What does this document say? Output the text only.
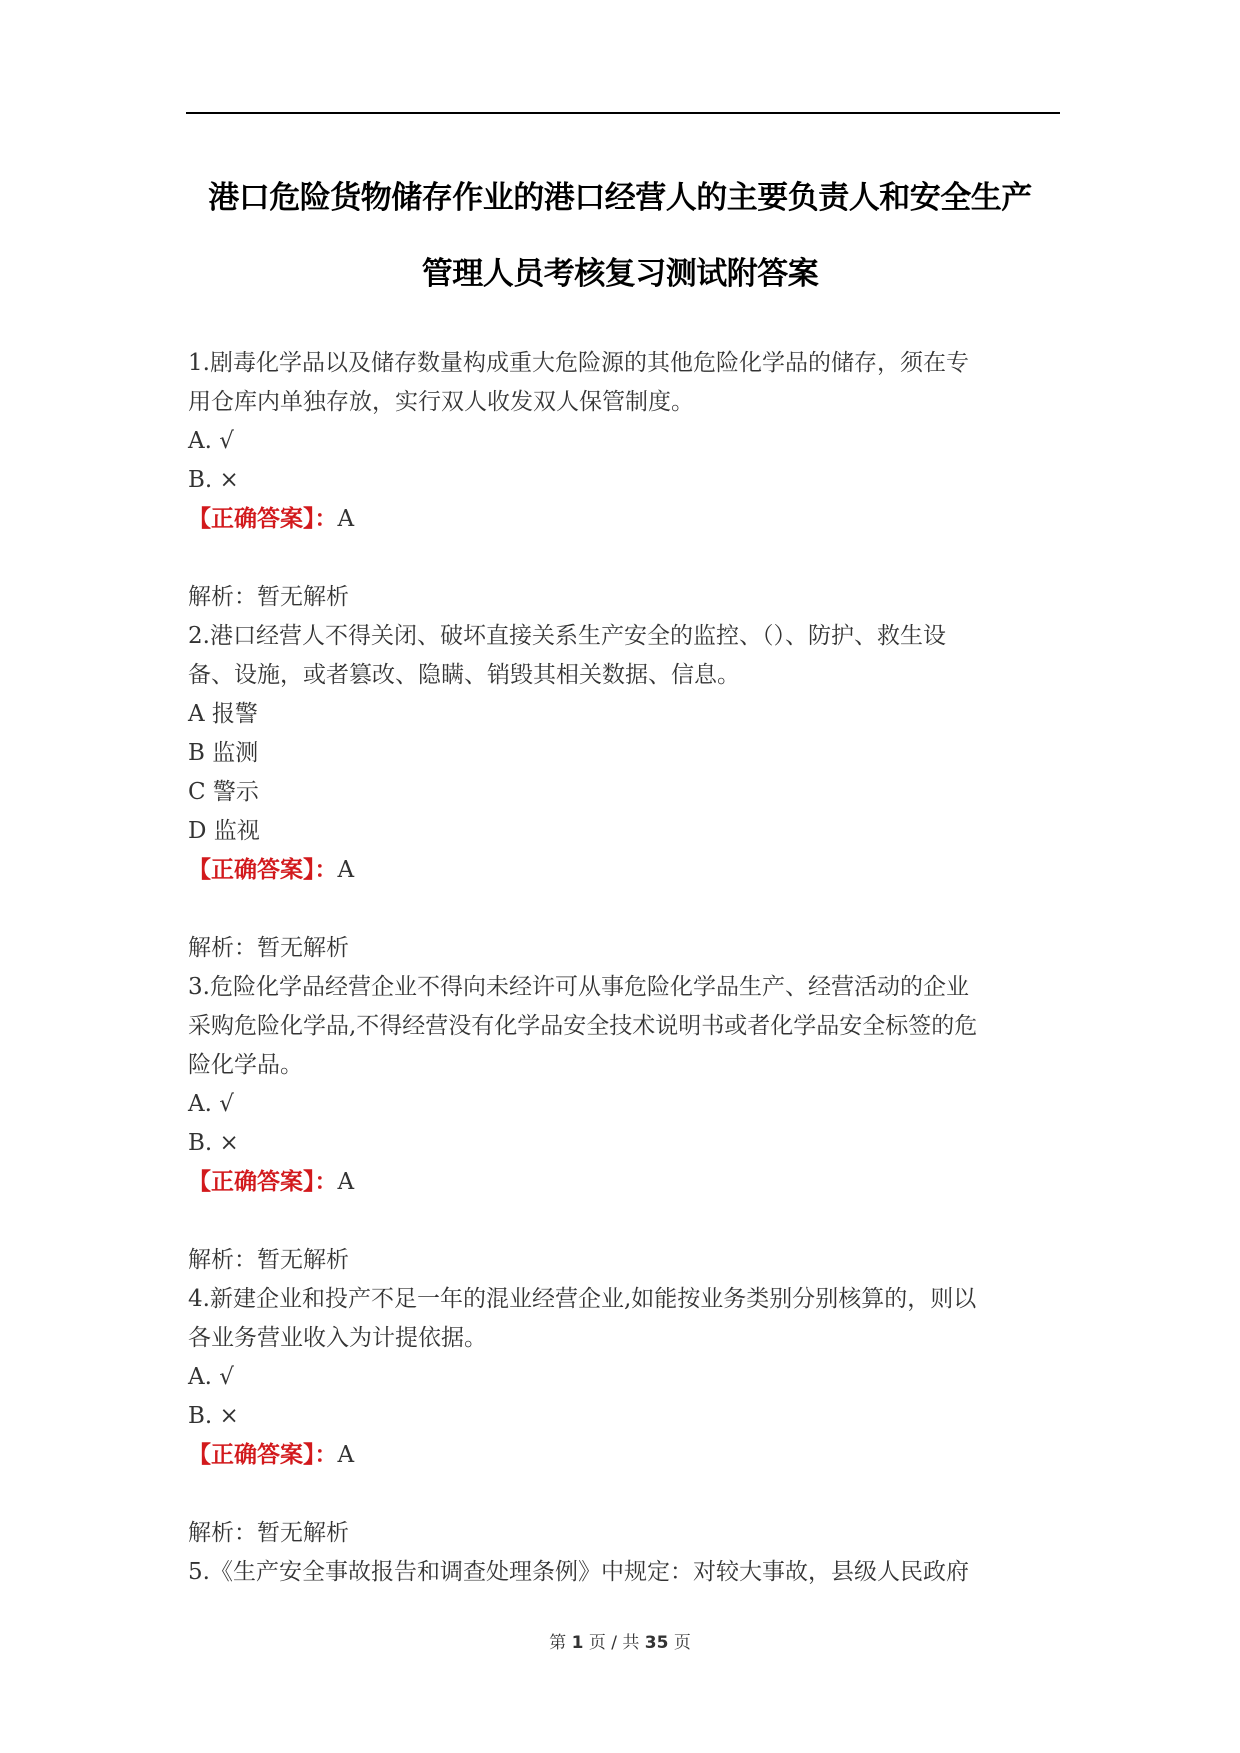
港口危险货物储存作业的港口经营人的主要负责人和安全生产
管理人员考核复习测试附答案
1.剧毒化学品以及储存数量构成重大危险源的其他危险化学品的储存，须在专
用仓库内单独存放，实行双人收发双人保管制度。
A. √
B. ×
【正确答案】：A
解析：暂无解析
2.港口经营人不得关闭、破坏直接关系生产安全的监控、（）、防护、救生设
备、设施，或者篡改、隐瞒、销毁其相关数据、信息。
A 报警
B 监测
C 警示
D 监视
【正确答案】：A
解析：暂无解析
3.危险化学品经营企业不得向未经许可从事危险化学品生产、经营活动的企业
采购危险化学品,不得经营没有化学品安全技术说明书或者化学品安全标签的危
险化学品。
A. √
B. ×
【正确答案】：A
解析：暂无解析
4.新建企业和投产不足一年的混业经营企业,如能按业务类别分别核算的，则以
各业务营业收入为计提依据。
A. √
B. ×
【正确答案】：A
解析：暂无解析
5.《生产安全事故报告和调查处理条例》中规定：对较大事故，县级人民政府
第 1 页 / 共 35 页
